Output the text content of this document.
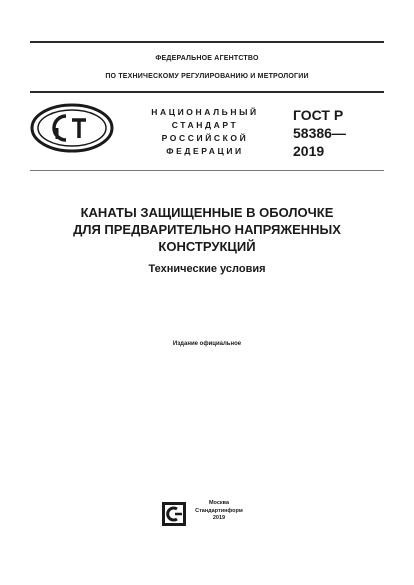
ФЕДЕРАЛЬНОЕ АГЕНТСТВО
ПО ТЕХНИЧЕСКОМУ РЕГУЛИРОВАНИЮ И МЕТРОЛОГИИ
НАЦИОНАЛЬНЫЙ
СТАНДАРТ
РОССИЙСКОЙ
ФЕДЕРАЦИИ
ГОСТ Р
58386—
2019
КАНАТЫ ЗАЩИЩЕННЫЕ В ОБОЛОЧКЕ
ДЛЯ ПРЕДВАРИТЕЛЬНО НАПРЯЖЕННЫХ
КОНСТРУКЦИЙ
Технические условия
Издание официальное
Москва
Стандартинформ
2019
